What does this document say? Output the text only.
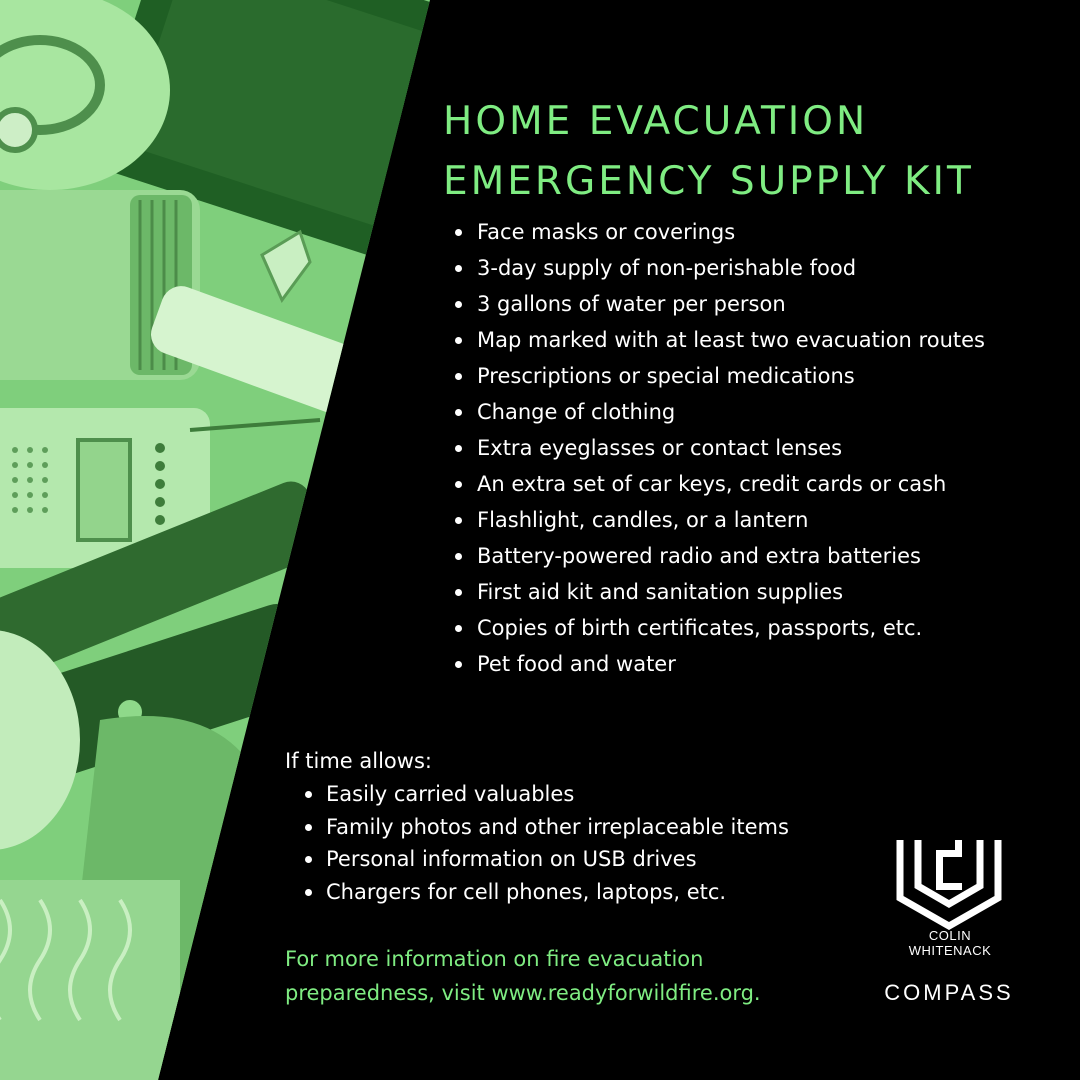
HOME EVACUATION
EMERGENCY SUPPLY KIT
Face masks or coverings
3-day supply of non-perishable food
3 gallons of water per person
Map marked with at least two evacuation routes
Prescriptions or special medications
Change of clothing
Extra eyeglasses or contact lenses
An extra set of car keys, credit cards or cash
Flashlight, candles, or a lantern
Battery-powered radio and extra batteries
First aid kit and sanitation supplies
Copies of birth certificates, passports, etc.
Pet food and water
If time allows:
Easily carried valuables
Family photos and other irreplaceable items
Personal information on USB drives
Chargers for cell phones, laptops, etc.

For more information on fire evacuation
preparedness, visit www.readyforwildfire.org.

COLIN
WHITENACK
COMPASS
